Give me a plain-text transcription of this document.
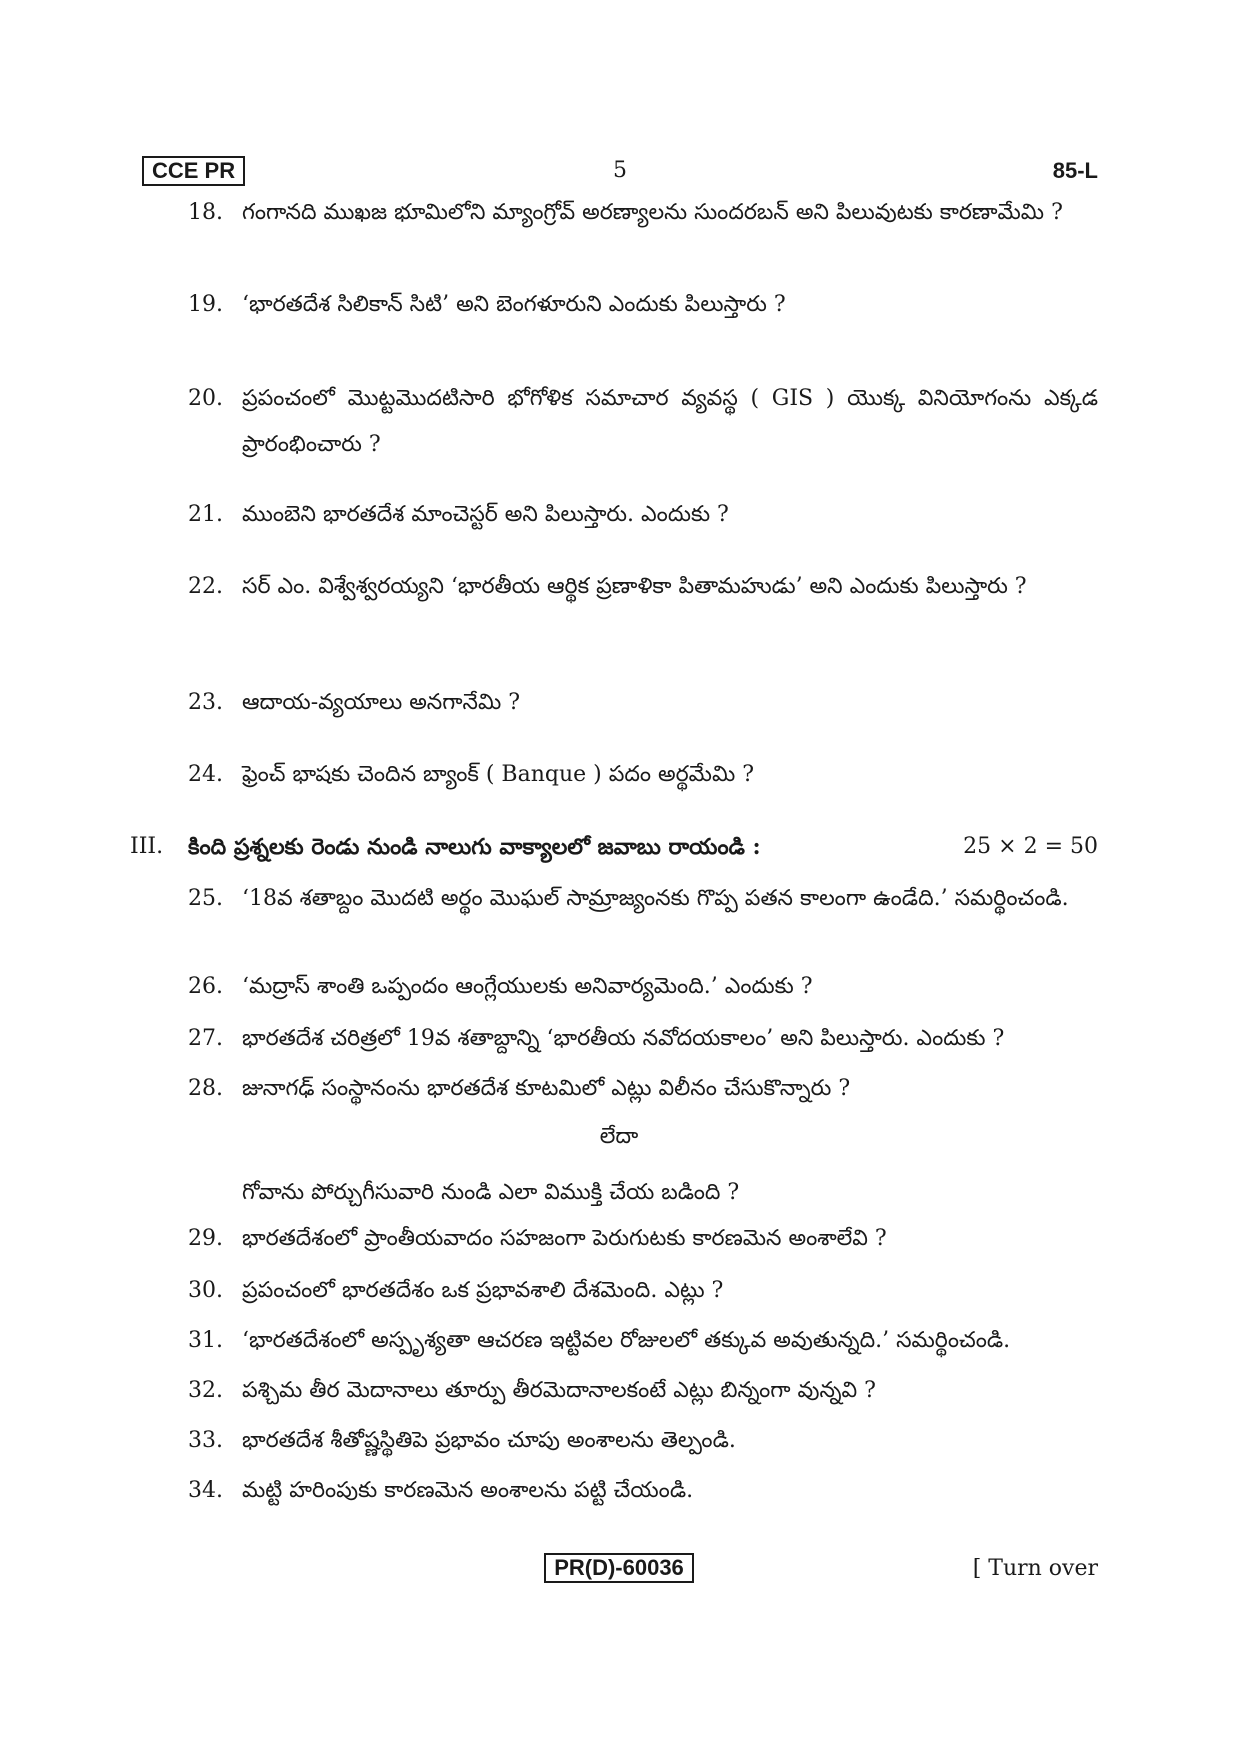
CCE PR	5	85-L
18. గంగానది ముఖజ భూమిలోని మ్యాంగ్రోవ్ అరణ్యాలను సుందరబన్ అని పిలువుటకు కారణామేమి ?
19. ‘భారతదేశ సిలికాన్ సిటి’ అని బెంగళూరుని ఎందుకు పిలుస్తారు ?
20. ప్రపంచంలో మొట్టమొదటిసారి భోగోళిక సమాచార వ్యవస్థ ( GIS ) యొక్క వినియోగంను ఎక్కడ ప్రారంభించారు ?
21. ముంబెని భారతదేశ మాంచెస్టర్ అని పిలుస్తారు. ఎందుకు ?
22. సర్ ఎం. విశ్వేశ్వరయ్యని ‘భారతీయ ఆర్థిక ప్రణాళికా పితామహుడు’ అని ఎందుకు పిలుస్తారు ?
23. ఆదాయ-వ్యయాలు అనగానేమి ?
24. ఫ్రెంచ్ భాషకు చెందిన బ్యాంక్ ( Banque ) పదం అర్థమేమి ?
III. కింది ప్రశ్నలకు రెండు నుండి నాలుగు వాక్యాలలో జవాబు రాయండి :	25 × 2 = 50
25. ‘18వ శతాబ్దం మొదటి అర్థం మొఘల్ సామ్రాజ్యంనకు గొప్ప పతన కాలంగా ఉండేది.’ సమర్థించండి.
26. ‘మద్రాస్ శాంతి ఒప్పందం ఆంగ్లేయులకు అనివార్యమెంది.’ ఎందుకు ?
27. భారతదేశ చరిత్రలో 19వ శతాబ్దాన్ని ‘భారతీయ నవోదయకాలం’ అని పిలుస్తారు. ఎందుకు ?
28. జునాగఢ్ సంస్థానంను భారతదేశ కూటమిలో ఎట్లు విలీనం చేసుకొన్నారు ?
లేదా
గోవాను పోర్చుగీసువారి నుండి ఎలా విముక్తి చేయ బడింది ?
29. భారతదేశంలో ప్రాంతీయవాదం సహజంగా పెరుగుటకు కారణమెన అంశాలేవి ?
30. ప్రపంచంలో భారతదేశం ఒక ప్రభావశాలి దేశమెంది. ఎట్లు ?
31. ‘భారతదేశంలో అస్పృశ్యతా ఆచరణ ఇట్టివల రోజులలో తక్కువ అవుతున్నది.’ సమర్థించండి.
32. పశ్చిమ తీర మెదానాలు తూర్పు తీరమెదానాలకంటే ఎట్లు బిన్నంగా వున్నవి ?
33. భారతదేశ శీతోష్ణస్థితిపె ప్రభావం చూపు అంశాలను తెల్పండి.
34. మట్టి హరింపుకు కారణమెన అంశాలను పట్టి చేయండి.
PR(D)-60036	[ Turn over
